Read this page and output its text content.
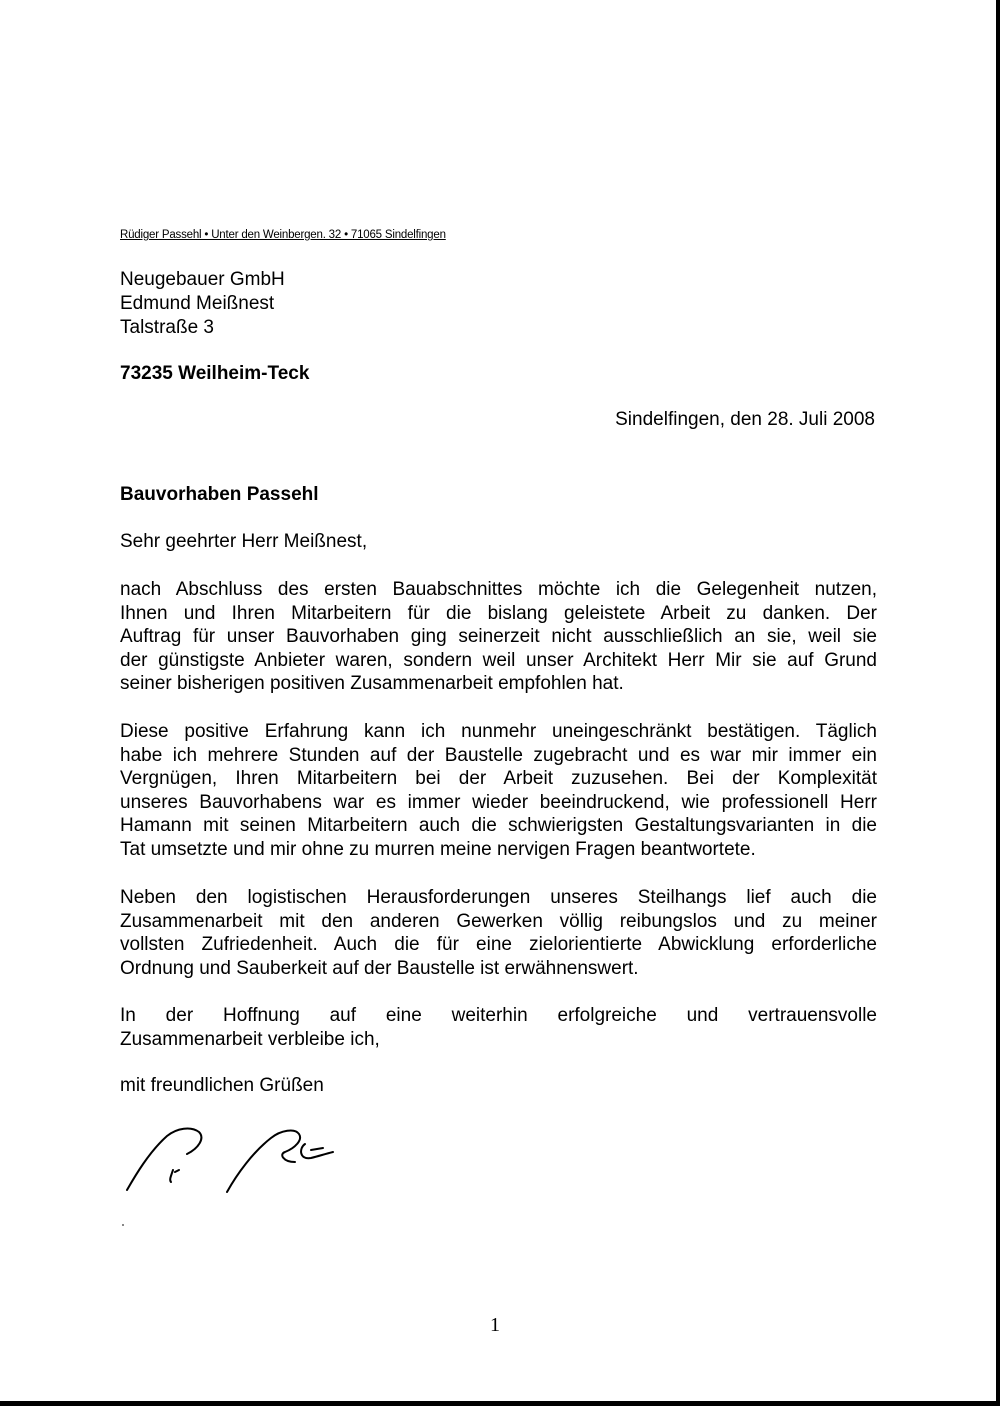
Rüdiger Passehl • Unter den Weinbergen. 32 • 71065 Sindelfingen
Neugebauer GmbH
Edmund Meißnest
Talstraße 3
73235 Weilheim-Teck
Sindelfingen, den 28. Juli 2008
Bauvorhaben Passehl
Sehr geehrter Herr Meißnest,
nach Abschluss des ersten Bauabschnittes möchte ich die Gelegenheit nutzen,
Ihnen und Ihren Mitarbeitern für die bislang geleistete Arbeit zu danken. Der
Auftrag für unser Bauvorhaben ging seinerzeit nicht ausschließlich an sie, weil sie
der günstigste Anbieter waren, sondern weil unser Architekt Herr Mir sie auf Grund
seiner bisherigen positiven Zusammenarbeit empfohlen hat.
Diese positive Erfahrung kann ich nunmehr uneingeschränkt bestätigen. Täglich
habe ich mehrere Stunden auf der Baustelle zugebracht und es war mir immer ein
Vergnügen, Ihren Mitarbeitern bei der Arbeit zuzusehen. Bei der Komplexität
unseres Bauvorhabens war es immer wieder beeindruckend, wie professionell Herr
Hamann mit seinen Mitarbeitern auch die schwierigsten Gestaltungsvarianten in die
Tat umsetzte und mir ohne zu murren meine nervigen Fragen beantwortete.
Neben den logistischen Herausforderungen unseres Steilhangs lief auch die
Zusammenarbeit mit den anderen Gewerken völlig reibungslos und zu meiner
vollsten Zufriedenheit. Auch die für eine zielorientierte Abwicklung erforderliche
Ordnung und Sauberkeit auf der Baustelle ist erwähnenswert.
In der Hoffnung auf eine weiterhin erfolgreiche und vertrauensvolle
Zusammenarbeit verbleibe ich,
mit freundlichen Grüßen
1
